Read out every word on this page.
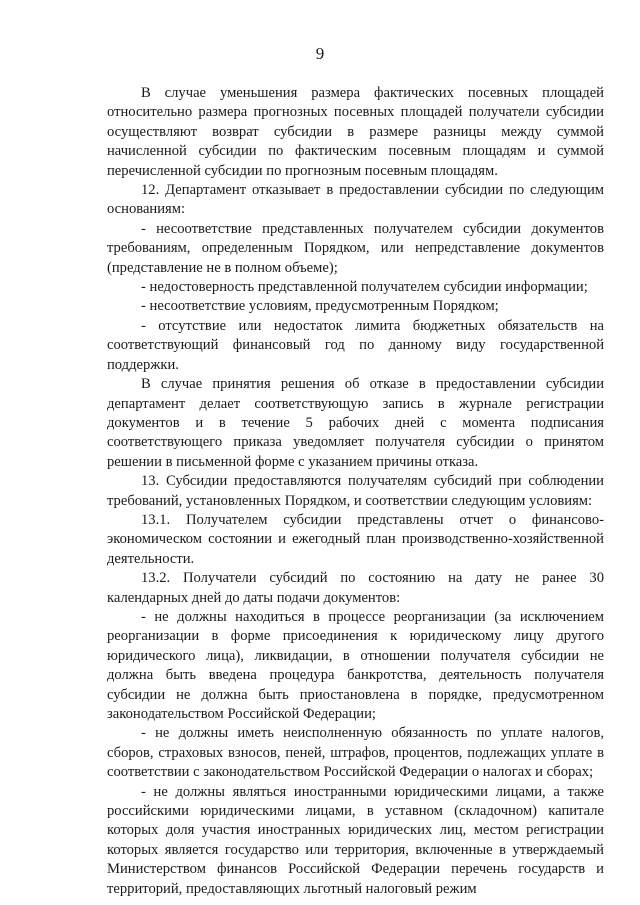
9

В случае уменьшения размера фактических посевных площадей относительно размера прогнозных посевных площадей получатели субсидии осуществляют возврат субсидии в размере разницы между суммой начисленной субсидии по фактическим посевным площадям и суммой перечисленной субсидии по прогнозным посевным площадям.

12. Департамент отказывает в предоставлении субсидии по следующим основаниям:

- несоответствие представленных получателем субсидии документов требованиям, определенным Порядком, или непредставление документов (представление не в полном объеме);

- недостоверность представленной получателем субсидии информации;

- несоответствие условиям, предусмотренным Порядком;

- отсутствие или недостаток лимита бюджетных обязательств на соответствующий финансовый год по данному виду государственной поддержки.

В случае принятия решения об отказе в предоставлении субсидии департамент делает соответствующую запись в журнале регистрации документов и в течение 5 рабочих дней с момента подписания соответствующего приказа уведомляет получателя субсидии о принятом решении в письменной форме с указанием причины отказа.

13. Субсидии предоставляются получателям субсидий при соблюдении требований, установленных Порядком, и соответствии следующим условиям:

13.1. Получателем субсидии представлены отчет о финансово-экономическом состоянии и ежегодный план производственно-хозяйственной деятельности.

13.2. Получатели субсидий по состоянию на дату не ранее 30 календарных дней до даты подачи документов:

- не должны находиться в процессе реорганизации (за исключением реорганизации в форме присоединения к юридическому лицу другого юридического лица), ликвидации, в отношении получателя субсидии не должна быть введена процедура банкротства, деятельность получателя субсидии не должна быть приостановлена в порядке, предусмотренном законодательством Российской Федерации;

- не должны иметь неисполненную обязанность по уплате налогов, сборов, страховых взносов, пеней, штрафов, процентов, подлежащих уплате в соответствии с законодательством Российской Федерации о налогах и сборах;

- не должны являться иностранными юридическими лицами, а также российскими юридическими лицами, в уставном (складочном) капитале которых доля участия иностранных юридических лиц, местом регистрации которых является государство или территория, включенные в утверждаемый Министерством финансов Российской Федерации перечень государств и территорий, предоставляющих льготный налоговый режим
